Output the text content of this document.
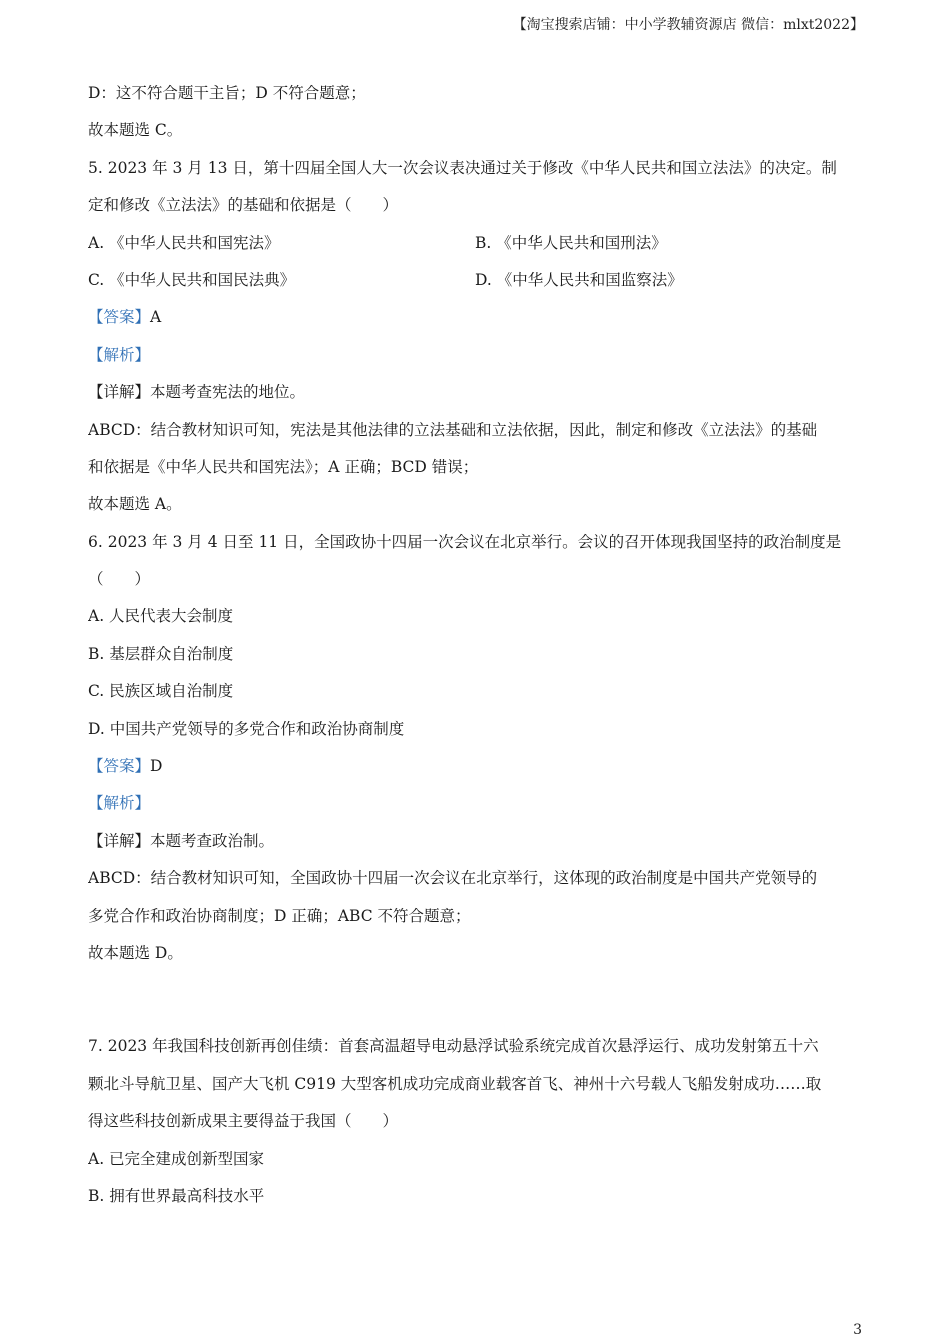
【淘宝搜索店铺：中小学教辅资源店 微信：mlxt2022】
D：这不符合题干主旨；D 不符合题意；
故本题选 C。
5. 2023 年 3 月 13 日，第十四届全国人大一次会议表决通过关于修改《中华人民共和国立法法》的决定。制
定和修改《立法法》的基础和依据是（　　）
A. 《中华人民共和国宪法》	B. 《中华人民共和国刑法》
C. 《中华人民共和国民法典》	D. 《中华人民共和国监察法》
【答案】A
【解析】
【详解】本题考查宪法的地位。
ABCD：结合教材知识可知，宪法是其他法律的立法基础和立法依据，因此，制定和修改《立法法》的基础
和依据是《中华人民共和国宪法》；A 正确；BCD 错误；
故本题选 A。
6. 2023 年 3 月 4 日至 11 日，全国政协十四届一次会议在北京举行。会议的召开体现我国坚持的政治制度是
（　　）
A. 人民代表大会制度
B. 基层群众自治制度
C. 民族区域自治制度
D. 中国共产党领导的多党合作和政治协商制度
【答案】D
【解析】
【详解】本题考查政治制。
ABCD：结合教材知识可知，全国政协十四届一次会议在北京举行，这体现的政治制度是中国共产党领导的
多党合作和政治协商制度；D 正确；ABC 不符合题意；
故本题选 D。
7. 2023 年我国科技创新再创佳绩：首套高温超导电动悬浮试验系统完成首次悬浮运行、成功发射第五十六
颗北斗导航卫星、国产大飞机 C919 大型客机成功完成商业载客首飞、神州十六号载人飞船发射成功……取
得这些科技创新成果主要得益于我国（　　）
A. 已完全建成创新型国家
B. 拥有世界最高科技水平
3
